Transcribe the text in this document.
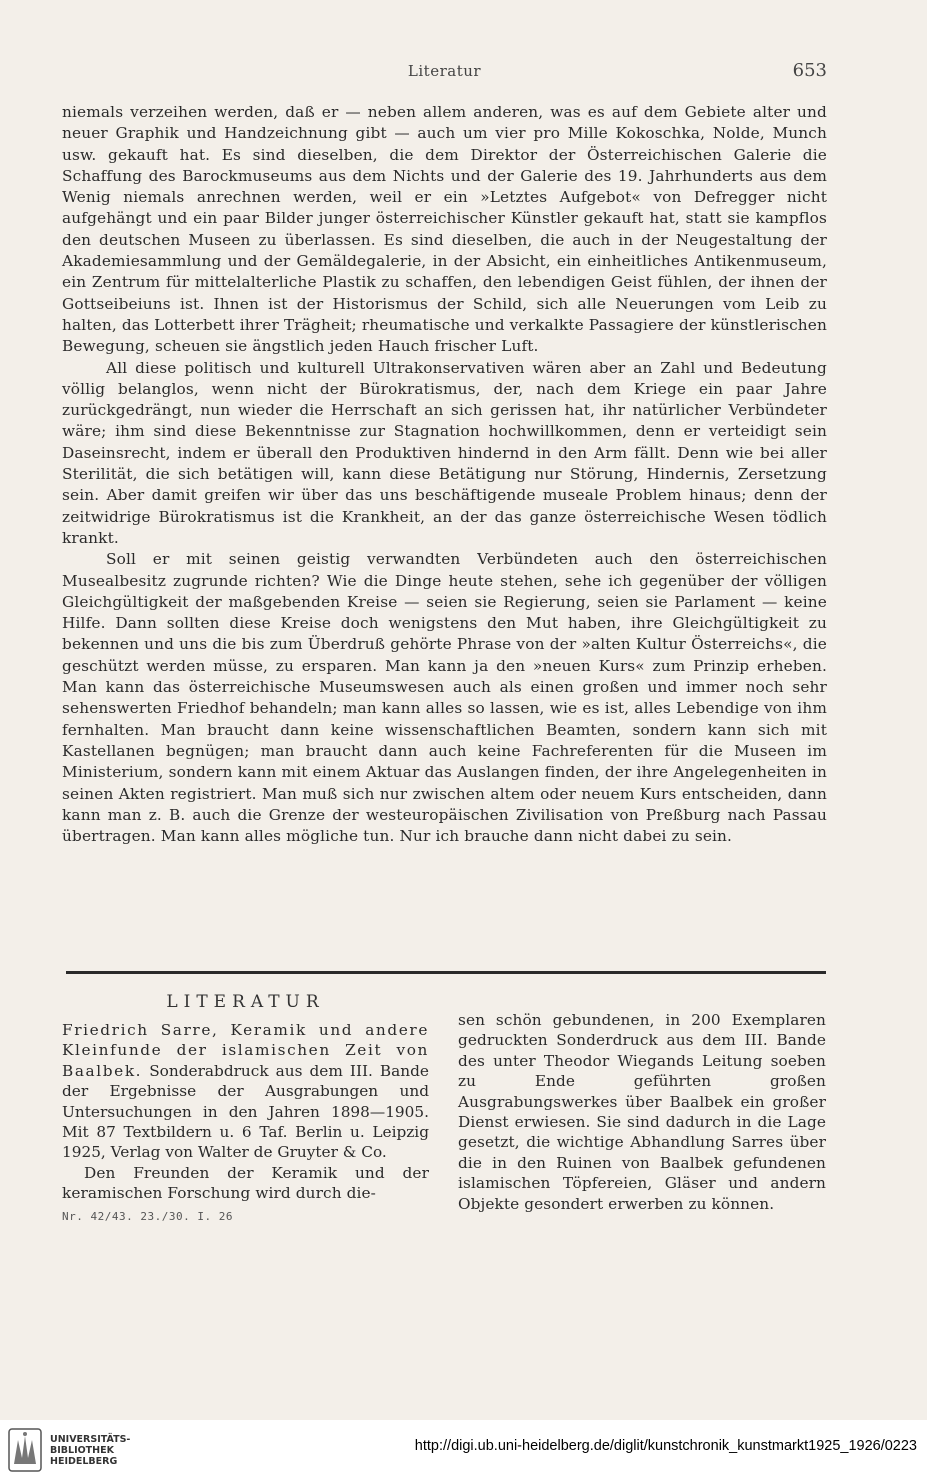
Literatur	653

niemals verzeihen werden, daß er — neben allem anderen, was es auf dem Gebiete alter und neuer Graphik und Handzeichnung gibt — auch um vier pro Mille Kokoschka, Nolde, Munch usw. gekauft hat. Es sind dieselben, die dem Direktor der Österreichischen Galerie die Schaffung des Barockmuseums aus dem Nichts und der Galerie des 19. Jahrhunderts aus dem Wenig niemals anrechnen werden, weil er ein »Letztes Aufgebot« von Defregger nicht aufgehängt und ein paar Bilder junger österreichischer Künstler gekauft hat, statt sie kampflos den deutschen Museen zu überlassen. Es sind dieselben, die auch in der Neugestaltung der Akademiesammlung und der Gemäldegalerie, in der Absicht, ein einheitliches Antikenmuseum, ein Zentrum für mittelalterliche Plastik zu schaffen, den lebendigen Geist fühlen, der ihnen der Gottseibeiuns ist. Ihnen ist der Historismus der Schild, sich alle Neuerungen vom Leib zu halten, das Lotterbett ihrer Trägheit; rheumatische und verkalkte Passagiere der künstlerischen Bewegung, scheuen sie ängstlich jeden Hauch frischer Luft.

All diese politisch und kulturell Ultrakonservativen wären aber an Zahl und Bedeutung völlig belanglos, wenn nicht der Bürokratismus, der, nach dem Kriege ein paar Jahre zurückgedrängt, nun wieder die Herrschaft an sich gerissen hat, ihr natürlicher Verbündeter wäre; ihm sind diese Bekenntnisse zur Stagnation hochwillkommen, denn er verteidigt sein Daseinsrecht, indem er überall den Produktiven hindernd in den Arm fällt. Denn wie bei aller Sterilität, die sich betätigen will, kann diese Betätigung nur Störung, Hindernis, Zersetzung sein. Aber damit greifen wir über das uns beschäftigende museale Problem hinaus; denn der zeitwidrige Bürokratismus ist die Krankheit, an der das ganze österreichische Wesen tödlich krankt.

Soll er mit seinen geistig verwandten Verbündeten auch den österreichischen Musealbesitz zugrunde richten? Wie die Dinge heute stehen, sehe ich gegenüber der völligen Gleichgültigkeit der maßgebenden Kreise — seien sie Regierung, seien sie Parlament — keine Hilfe. Dann sollten diese Kreise doch wenigstens den Mut haben, ihre Gleichgültigkeit zu bekennen und uns die bis zum Überdruß gehörte Phrase von der »alten Kultur Österreichs«, die geschützt werden müsse, zu ersparen. Man kann ja den »neuen Kurs« zum Prinzip erheben. Man kann das österreichische Museumswesen auch als einen großen und immer noch sehr sehenswerten Friedhof behandeln; man kann alles so lassen, wie es ist, alles Lebendige von ihm fernhalten. Man braucht dann keine wissenschaftlichen Beamten, sondern kann sich mit Kastellanen begnügen; man braucht dann auch keine Fachreferenten für die Museen im Ministerium, sondern kann mit einem Aktuar das Auslangen finden, der ihre Angelegenheiten in seinen Akten registriert. Man muß sich nur zwischen altem oder neuem Kurs entscheiden, dann kann man z. B. auch die Grenze der westeuropäischen Zivilisation von Preßburg nach Passau übertragen. Man kann alles mögliche tun. Nur ich brauche dann nicht dabei zu sein.

LITERATUR

Friedrich Sarre, Keramik und andere Kleinfunde der islamischen Zeit von Baalbek. Sonderabdruck aus dem III. Bande der Ergebnisse der Ausgrabungen und Untersuchungen in den Jahren 1898—1905. Mit 87 Textbildern u. 6 Taf. Berlin u. Leipzig 1925, Verlag von Walter de Gruyter & Co.

Den Freunden der Keramik und der keramischen Forschung wird durch die-

Nr. 42/43. 23./30. I. 26

sen schön gebundenen, in 200 Exemplaren gedruckten Sonderdruck aus dem III. Bande des unter Theodor Wiegands Leitung soeben zu Ende geführten großen Ausgrabungswerkes über Baalbek ein großer Dienst erwiesen. Sie sind dadurch in die Lage gesetzt, die wichtige Abhandlung Sarres über die in den Ruinen von Baalbek gefundenen islamischen Töpfereien, Gläser und andern Objekte gesondert erwerben zu können.

UNIVERSITÄTS-
BIBLIOTHEK
HEIDELBERG
http://digi.ub.uni-heidelberg.de/diglit/kunstchronik_kunstmarkt1925_1926/0223
